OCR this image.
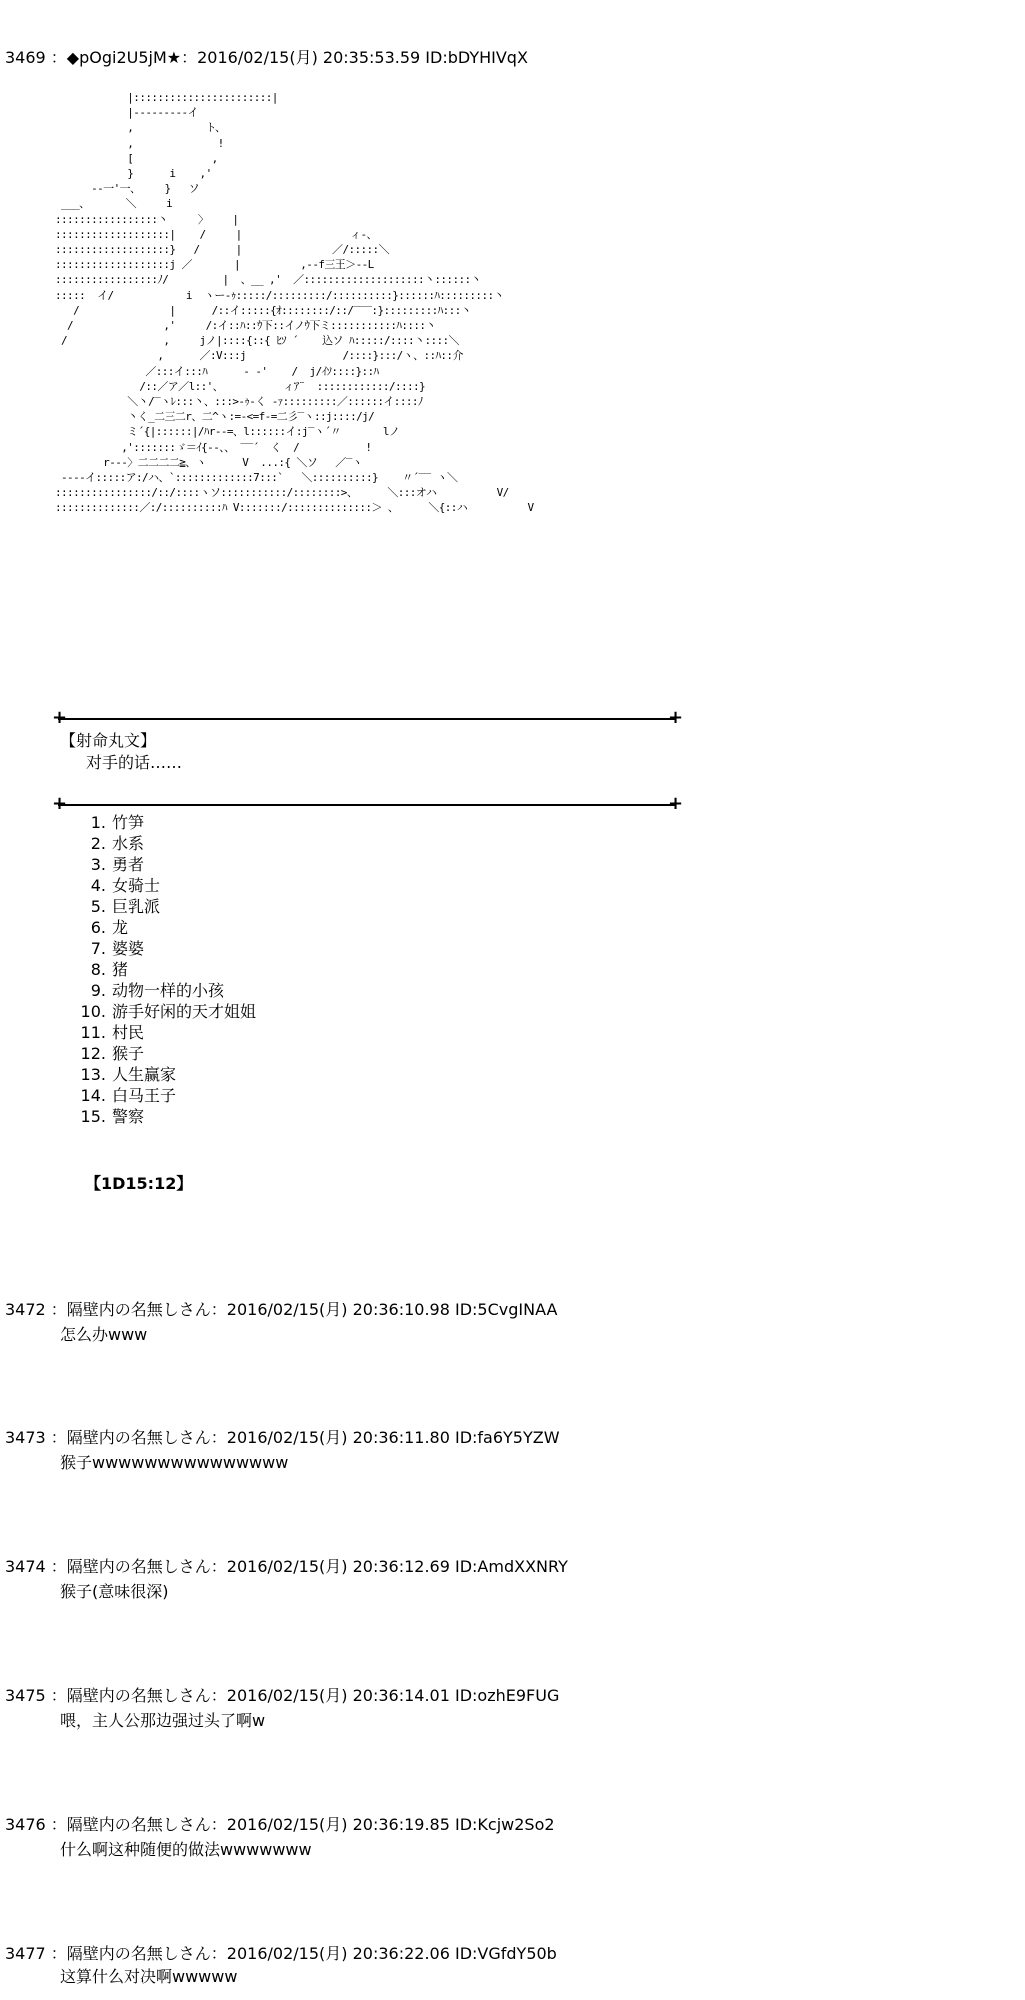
3469 ：◆pOgi2U5jM★：2016/02/15(月) 20:35:53.59 ID:bDYHIVqX
|:::::::::::::::::::::::|
|‐‐-----‐‐イ
,            ト、
,              !
[             ,
}      i    ,'
-‐一'一、    }   ソ
___、      ＼     i
:::::::::::::::::丶     〉    |
:::::::::::::::::::|    /     |                  ィ-、
:::::::::::::::::::}   /      |               ／/:::::＼
:::::::::::::::::::j ／       |          ,‐-f三王＞--L
:::::::::::::::::ﾉ/         |  、__ ,'  ／::::::::::::::::::::丶::::::丶
:::::  イ/            i  ヽー-ｩ:::::/:::::::::/::::::::::}::::::ﾊ:::::::::丶
/               |      /::イ:::::{ｵ::::::::/::/‾‾‾:}:::::::::ﾊ:::丶
/               ,'     /:イ::ﾊ::ｳ下::イノｳ下ミ:::::::::::ﾊ::::丶
/                ,     jノ|::::{::{ ﾋｿ ´    込ソ ﾊ:::::/::::丶::::＼
,      ／:V:::j                /::::}:::/ヽ、::ﾊ::介
／:::イ:::ﾊ      ‐ ‐'    /  j/ｲｿ::::}::ﾊ
/::／ア／l::'、          ィｱ¨  ::::::::::::/::::}
＼丶/‾ヽﾚ:::丶、:::>-ｩ-く ‐ｧ:::::::::／::::::イ::::ﾉ
丶く_二三二r、二^ヽ:=-<=f-=二彡‾ヽ::j::::/j/
ミ´{|::::::|/ﾊr--=、l::::::イ:j‾ヽ´〃       lノ
,':::::::ゞ＝ｲ{--、、 ‾‾´  く  /           !
r--‐〉二二二二≧、ヽ      V  ...:{ ＼ソ   ／‾ヽ
---‐イ:::::ア:/ハ、`:::::::::::::7:::`   ＼::::::::::}    〃´‾‾ ヽ＼
::::::::::::::::/::/::::ヽソ:::::::::::/::::::::>、     ＼:::オハ          V/
::::::::::::::／:/::::::::::ﾊ V:::::::/::::::::::::::＞ 、     ＼{::ハ          V
+	+
【射命丸文】
对手的话……
+	+
1. 竹笋
2. 水系
3. 勇者
4. 女骑士
5. 巨乳派
6. 龙
7. 婆婆
8. 猪
9. 动物一样的小孩
10. 游手好闲的天才姐姐
11. 村民
12. 猴子
13. 人生赢家
14. 白马王子
15. 警察
【1D15:12】
3472 ：隔壁内の名無しさん：2016/02/15(月) 20:36:10.98 ID:5CvgINAA
怎么办www
3473 ：隔壁内の名無しさん：2016/02/15(月) 20:36:11.80 ID:fa6Y5YZW
猴子wwwwwwwwwwwwwww
3474 ：隔壁内の名無しさん：2016/02/15(月) 20:36:12.69 ID:AmdXXNRY
猴子(意味很深)
3475 ：隔壁内の名無しさん：2016/02/15(月) 20:36:14.01 ID:ozhE9FUG
喂，主人公那边强过头了啊w
3476 ：隔壁内の名無しさん：2016/02/15(月) 20:36:19.85 ID:Kcjw2So2
什么啊这种随便的做法wwwwwww
3477 ：隔壁内の名無しさん：2016/02/15(月) 20:36:22.06 ID:VGfdY50b
这算什么对决啊wwwww
